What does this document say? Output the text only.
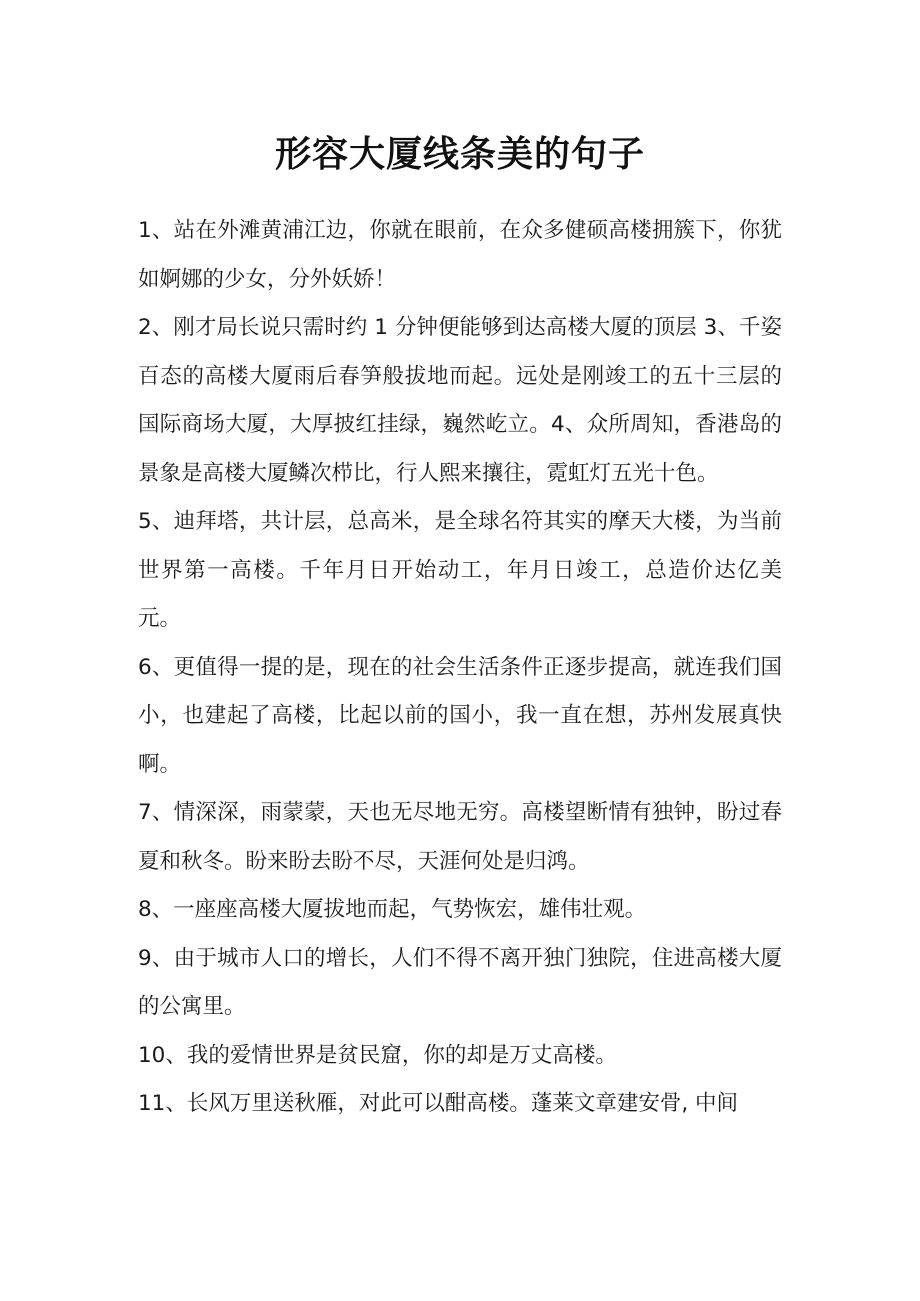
形容大厦线条美的句子

1、站在外滩黄浦江边，你就在眼前，在众多健硕高楼拥簇下，你犹如婀娜的少女，分外妖娇！

2、刚才局长说只需时约 1 分钟便能够到达高楼大厦的顶层 3、千姿百态的高楼大厦雨后春笋般拔地而起。远处是刚竣工的五十三层的国际商场大厦，大厚披红挂绿，巍然屹立。4、众所周知，香港岛的景象是高楼大厦鳞次栉比，行人熙来攘往，霓虹灯五光十色。

5、迪拜塔，共计层，总高米，是全球名符其实的摩天大楼，为当前世界第一高楼。千年月日开始动工，年月日竣工，总造价达亿美元。

6、更值得一提的是，现在的社会生活条件正逐步提高，就连我们国小，也建起了高楼，比起以前的国小，我一直在想，苏州发展真快啊。

7、情深深，雨蒙蒙，天也无尽地无穷。高楼望断情有独钟，盼过春夏和秋冬。盼来盼去盼不尽，天涯何处是归鸿。

8、一座座高楼大厦拔地而起，气势恢宏，雄伟壮观。

9、由于城市人口的增长，人们不得不离开独门独院，住进高楼大厦的公寓里。

10、我的爱情世界是贫民窟，你的却是万丈高楼。

11、长风万里送秋雁，对此可以酣高楼。蓬莱文章建安骨, 中间
